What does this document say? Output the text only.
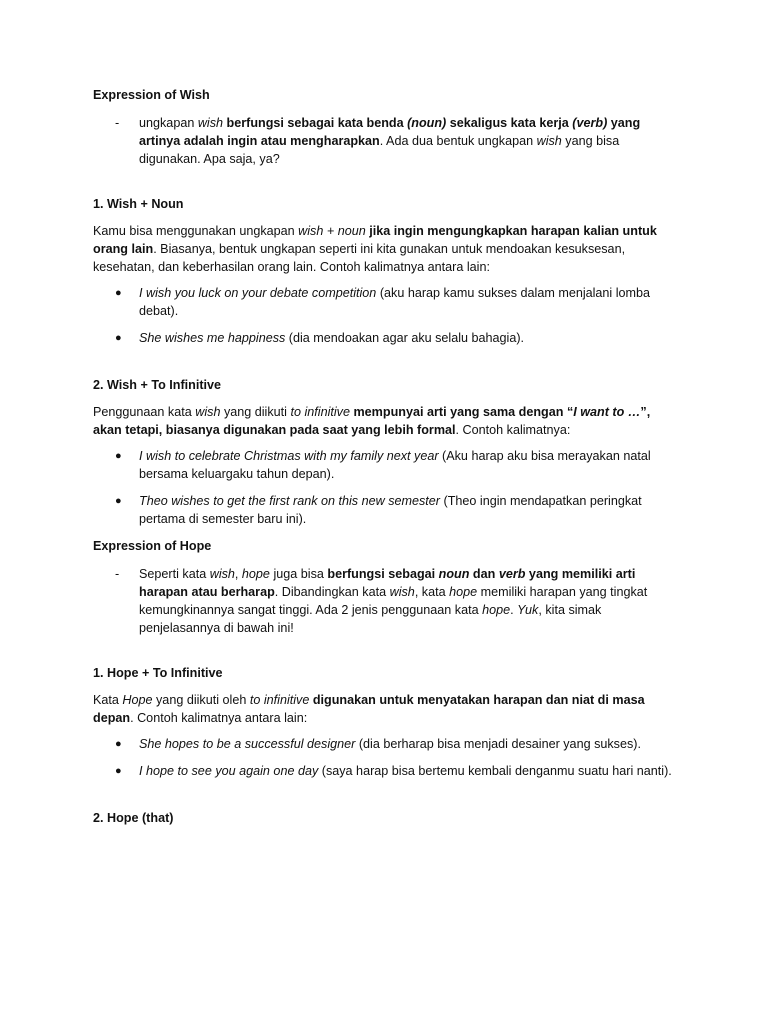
Expression of Wish

-	ungkapan wish berfungsi sebagai kata benda (noun) sekaligus kata kerja (verb) yang artinya adalah ingin atau mengharapkan. Ada dua bentuk ungkapan wish yang bisa digunakan. Apa saja, ya?

1. Wish + Noun

Kamu bisa menggunakan ungkapan wish + noun jika ingin mengungkapkan harapan kalian untuk orang lain. Biasanya, bentuk ungkapan seperti ini kita gunakan untuk mendoakan kesuksesan, kesehatan, dan keberhasilan orang lain. Contoh kalimatnya antara lain:

●	I wish you luck on your debate competition (aku harap kamu sukses dalam menjalani lomba debat).
●	She wishes me happiness (dia mendoakan agar aku selalu bahagia).

2. Wish + To Infinitive

Penggunaan kata wish yang diikuti to infinitive mempunyai arti yang sama dengan “I want to …”, akan tetapi, biasanya digunakan pada saat yang lebih formal. Contoh kalimatnya:

●	I wish to celebrate Christmas with my family next year (Aku harap aku bisa merayakan natal bersama keluargaku tahun depan).
●	Theo wishes to get the first rank on this new semester (Theo ingin mendapatkan peringkat pertama di semester baru ini).

Expression of Hope

-	Seperti kata wish, hope juga bisa berfungsi sebagai noun dan verb yang memiliki arti harapan atau berharap. Dibandingkan kata wish, kata hope memiliki harapan yang tingkat kemungkinannya sangat tinggi. Ada 2 jenis penggunaan kata hope. Yuk, kita simak penjelasannya di bawah ini!

1. Hope + To Infinitive

Kata Hope yang diikuti oleh to infinitive digunakan untuk menyatakan harapan dan niat di masa depan. Contoh kalimatnya antara lain:

●	She hopes to be a successful designer (dia berharap bisa menjadi desainer yang sukses).
●	I hope to see you again one day (saya harap bisa bertemu kembali denganmu suatu hari nanti).

2. Hope (that)
